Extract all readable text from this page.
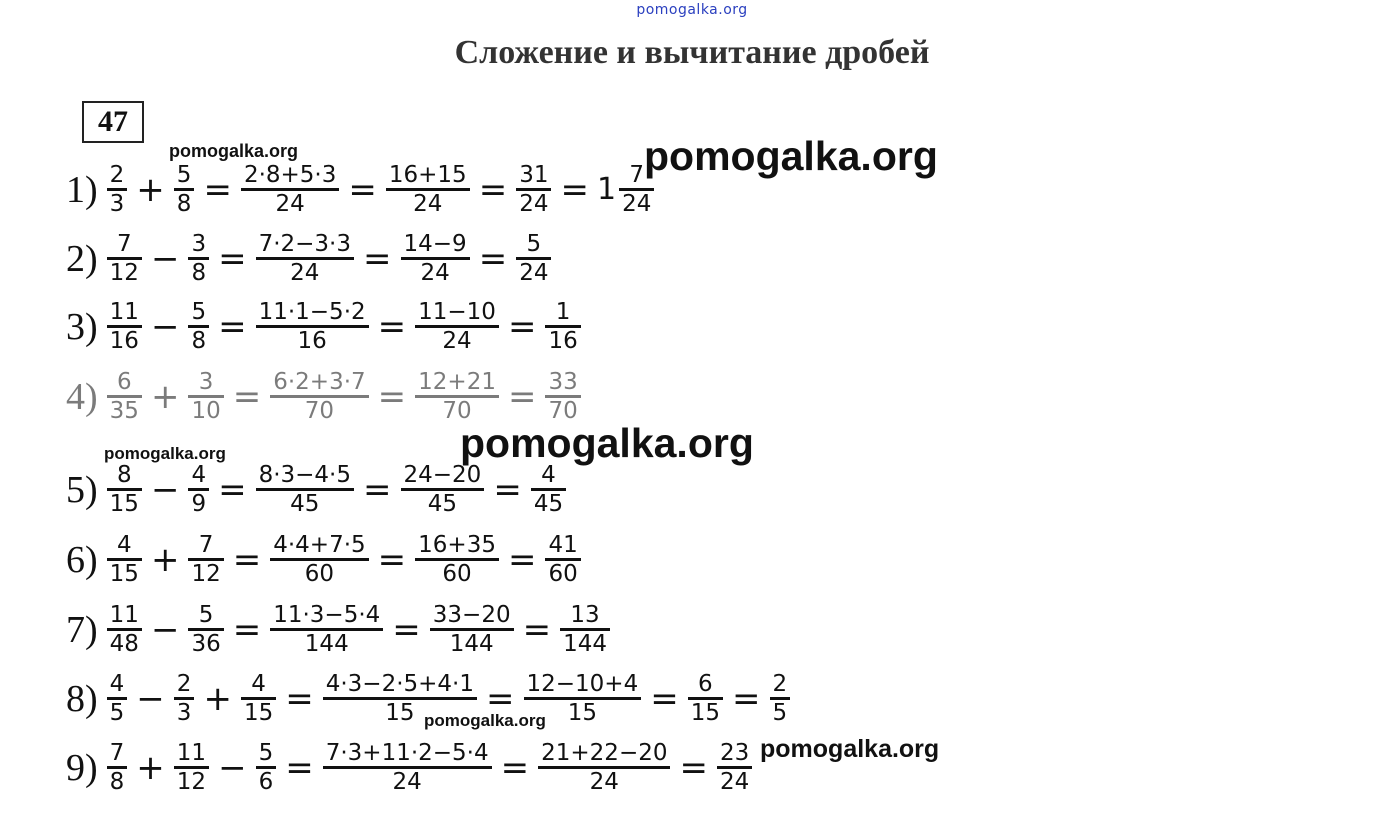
pomogalka.org
Сложение и вычитание дробей
47
pomogalka.org	pomogalka.org
pomogalka.org	pomogalka.org
pomogalka.org
pomogalka.org
$1) \frac{2}{3} + \frac{5}{8} = \frac{2\cdot 8+5\cdot 3}{24} = \frac{16+15}{24} = \frac{31}{24} = 1 \frac{7}{24}$
$2) \frac{7}{12} - \frac{3}{8} = \frac{7\cdot 2-3\cdot 3}{24} = \frac{14-9}{24} = \frac{5}{24}$
$3) \frac{11}{16} - \frac{5}{8} = \frac{11\cdot 1-5\cdot 2}{16} = \frac{11-10}{24} = \frac{1}{16}$
$4) \frac{6}{35} + \frac{3}{10} = \frac{6\cdot 2+3\cdot 7}{70} = \frac{12+21}{70} = \frac{33}{70}$
$5) \frac{8}{15} - \frac{4}{9} = \frac{8\cdot 3-4\cdot 5}{45} = \frac{24-20}{45} = \frac{4}{45}$
$6) \frac{4}{15} + \frac{7}{12} = \frac{4\cdot 4+7\cdot 5}{60} = \frac{16+35}{60} = \frac{41}{60}$
$7) \frac{11}{48} - \frac{5}{36} = \frac{11\cdot 3-5\cdot 4}{144} = \frac{33-20}{144} = \frac{13}{144}$
$8) \frac{4}{5} - \frac{2}{3} + \frac{4}{15} = \frac{4\cdot 3-2\cdot 5+4\cdot 1}{15} = \frac{12-10+4}{15} = \frac{6}{15} = \frac{2}{5}$
$9) \frac{7}{8} + \frac{11}{12} - \frac{5}{6} = \frac{7\cdot 3+11\cdot 2-5\cdot 4}{24} = \frac{21+22-20}{24} = \frac{23}{24}$
